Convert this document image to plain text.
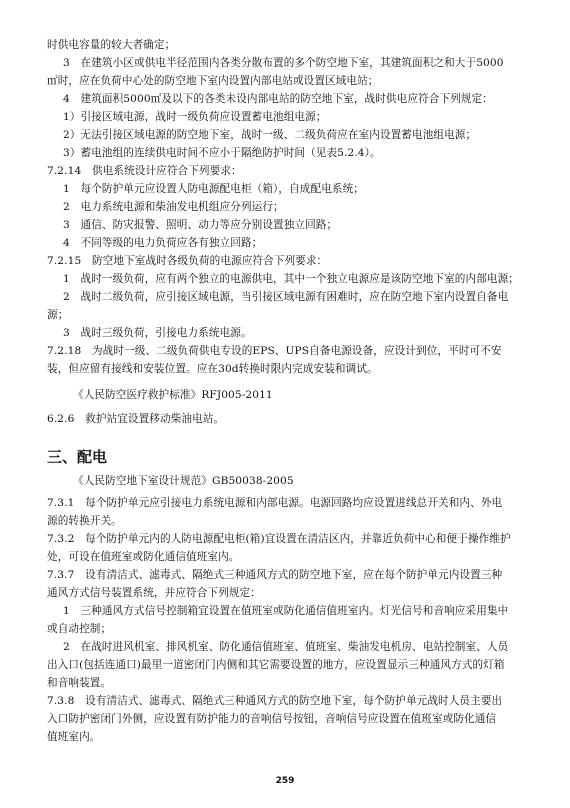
时供电容量的较大者确定；
3　在建筑小区或供电半径范围内各类分散布置的多个防空地下室，其建筑面积之和大于5000
㎡时，应在负荷中心处的防空地下室内设置内部电站或设置区域电站；
4　建筑面积5000㎡及以下的各类未设内部电站的防空地下室，战时供电应符合下列规定：
1）引接区域电源，战时一级负荷应设置蓄电池组电源；
2）无法引接区域电源的防空地下室，战时一级、二级负荷应在室内设置蓄电池组电源；
3）蓄电池组的连续供电时间不应小于隔绝防护时间（见表5.2.4）。
7.2.14　供电系统设计应符合下列要求：
1　每个防护单元应设置人防电源配电柜（箱），自成配电系统；
2　电力系统电源和柴油发电机组应分列运行；
3　通信、防灾报警、照明、动力等应分别设置独立回路；
4　不同等级的电力负荷应各有独立回路；
7.2.15　防空地下室战时各级负荷的电源应符合下列要求：
1　战时一级负荷，应有两个独立的电源供电，其中一个独立电源应是该防空地下室的内部电源；
2　战时二级负荷，应引接区域电源，当引接区域电源有困难时，应在防空地下室内设置自备电
源；
3　战时三级负荷，引接电力系统电源。
7.2.18　为战时一级、二级负荷供电专设的EPS、UPS自备电源设备，应设计到位，平时可不安
装，但应留有接线和安装位置。应在30d转换时限内完成安装和调试。
《人民防空医疗救护标准》RFJ005-2011
6.2.6　救护站宜设置移动柴油电站。
三、配电
《人民防空地下室设计规范》GB50038-2005
7.3.1　每个防护单元应引接电力系统电源和内部电源。电源回路均应设置进线总开关和内、外电
源的转换开关。
7.3.2　每个防护单元内的人防电源配电柜(箱)宜设置在清洁区内，并靠近负荷中心和便于操作维护
处，可设在值班室或防化通信值班室内。
7.3.7　设有清洁式、滤毒式、隔绝式三种通风方式的防空地下室，应在每个防护单元内设置三种
通风方式信号装置系统，并应符合下列规定：
1　三种通风方式信号控制箱宜设置在值班室或防化通信值班室内。灯光信号和音响应采用集中
或自动控制；
2　在战时进风机室、排风机室、防化通信值班室、值班室、柴油发电机房、电站控制室、人员
出入口(包括连通口)最里一道密闭门内侧和其它需要设置的地方，应设置显示三种通风方式的灯箱
和音响装置。
7.3.8　设有清洁式、滤毒式、隔绝式三种通风方式的防空地下室，每个防护单元战时人员主要出
入口防护密闭门外侧，应设置有防护能力的音响信号按钮，音响信号应设置在值班室或防化通信
值班室内。
259
